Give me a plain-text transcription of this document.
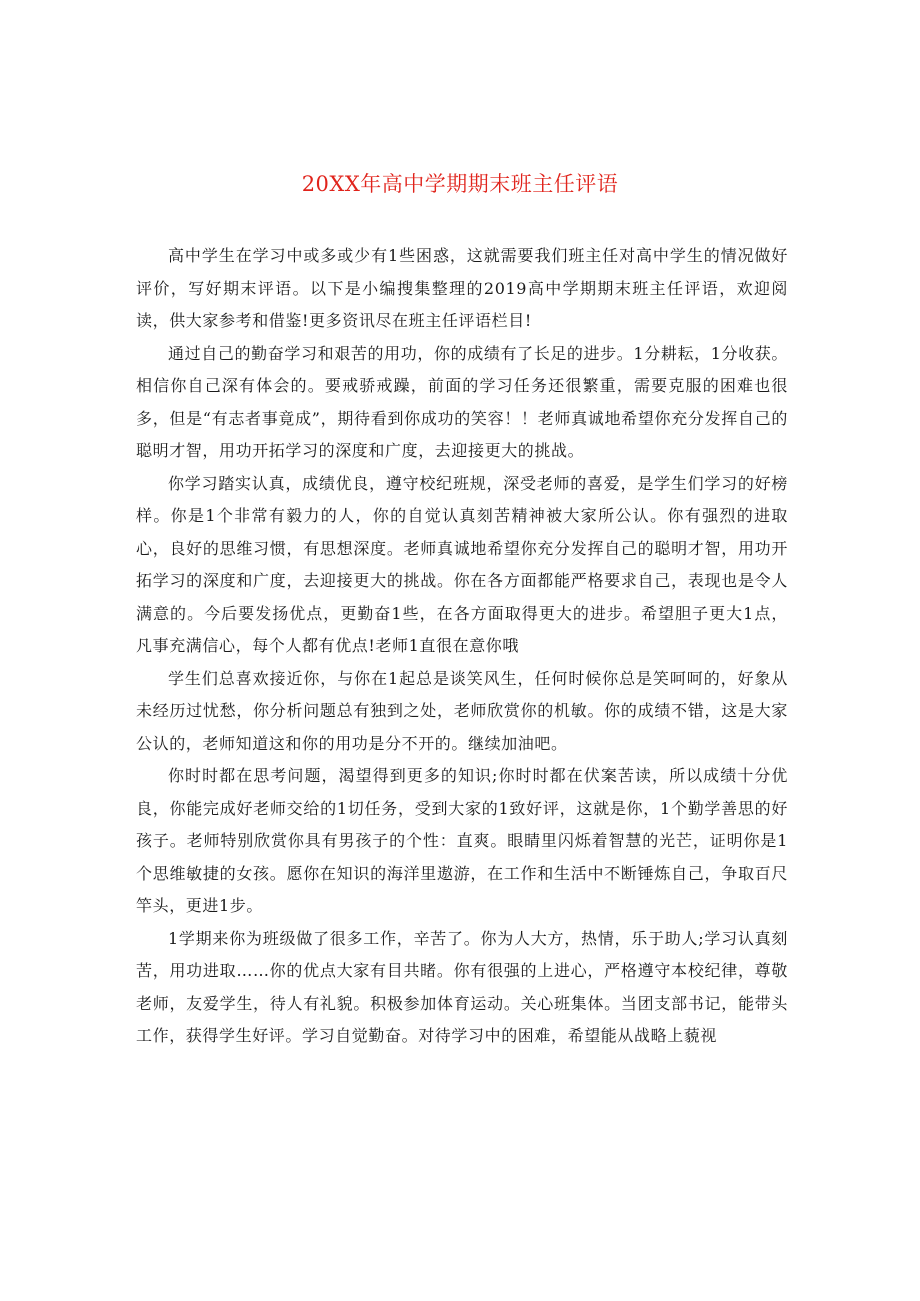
20XX年高中学期期末班主任评语

高中学生在学习中或多或少有1些困惑，这就需要我们班主任对高中学生的情况做好评价，写好期末评语。以下是小编搜集整理的2019高中学期期末班主任评语，欢迎阅读，供大家参考和借鉴!更多资讯尽在班主任评语栏目!

通过自己的勤奋学习和艰苦的用功，你的成绩有了长足的进步。1分耕耘，1分收获。相信你自己深有体会的。要戒骄戒躁，前面的学习任务还很繁重，需要克服的困难也很多，但是“有志者事竟成”，期待看到你成功的笑容！！老师真诚地希望你充分发挥自己的聪明才智，用功开拓学习的深度和广度，去迎接更大的挑战。

你学习踏实认真，成绩优良，遵守校纪班规，深受老师的喜爱，是学生们学习的好榜样。你是1个非常有毅力的人，你的自觉认真刻苦精神被大家所公认。你有强烈的进取心，良好的思维习惯，有思想深度。老师真诚地希望你充分发挥自己的聪明才智，用功开拓学习的深度和广度，去迎接更大的挑战。你在各方面都能严格要求自己，表现也是令人满意的。今后要发扬优点，更勤奋1些，在各方面取得更大的进步。希望胆子更大1点，凡事充满信心，每个人都有优点!老师1直很在意你哦

学生们总喜欢接近你，与你在1起总是谈笑风生，任何时候你总是笑呵呵的，好象从未经历过忧愁，你分析问题总有独到之处，老师欣赏你的机敏。你的成绩不错，这是大家公认的，老师知道这和你的用功是分不开的。继续加油吧。

你时时都在思考问题，渴望得到更多的知识;你时时都在伏案苦读，所以成绩十分优良，你能完成好老师交给的1切任务，受到大家的1致好评，这就是你，1个勤学善思的好孩子。老师特别欣赏你具有男孩子的个性：直爽。眼睛里闪烁着智慧的光芒，证明你是1个思维敏捷的女孩。愿你在知识的海洋里遨游，在工作和生活中不断锤炼自己，争取百尺竿头，更进1步。

1学期来你为班级做了很多工作，辛苦了。你为人大方，热情，乐于助人;学习认真刻苦，用功进取……你的优点大家有目共睹。你有很强的上进心，严格遵守本校纪律，尊敬老师，友爱学生，待人有礼貌。积极参加体育运动。关心班集体。当团支部书记，能带头工作，获得学生好评。学习自觉勤奋。对待学习中的困难，希望能从战略上藐视
